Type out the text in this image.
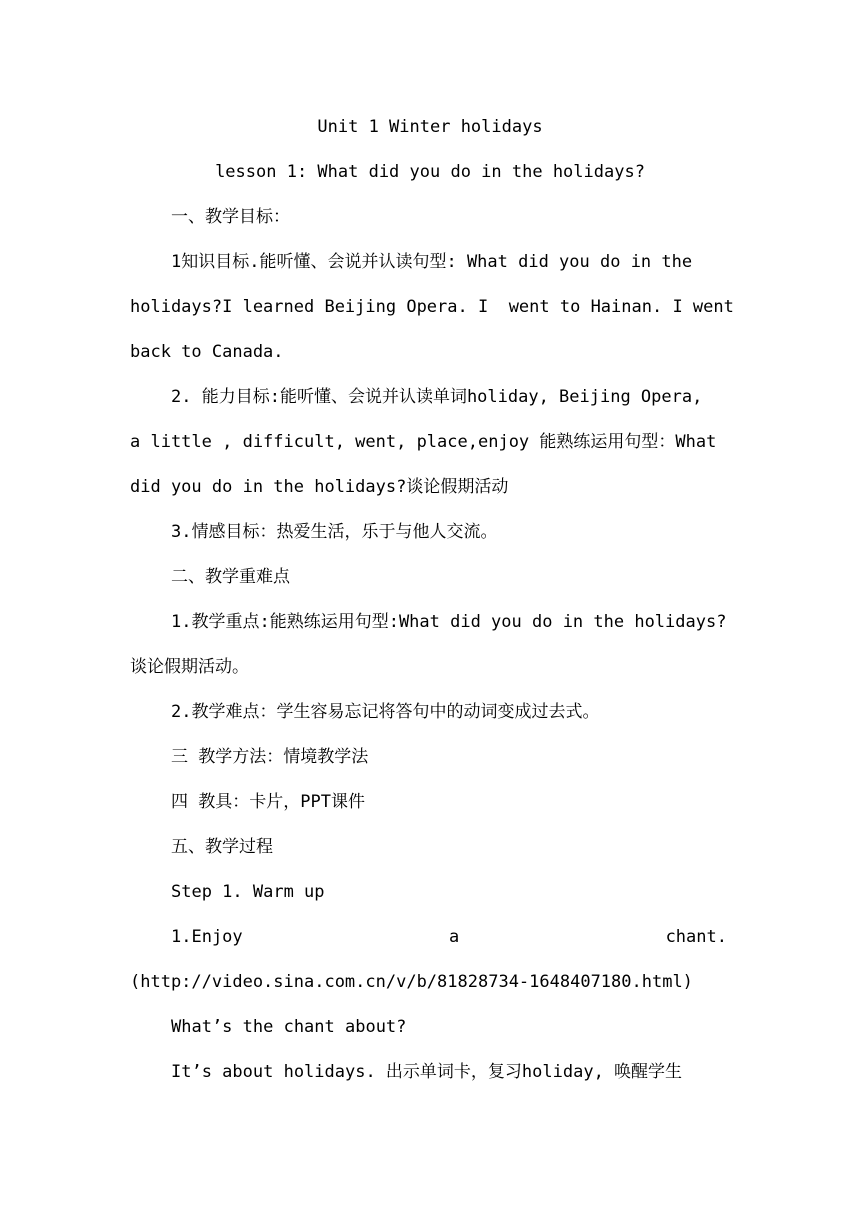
Unit 1 Winter holidays
lesson 1: What did you do in the holidays?
一、教学目标：
1知识目标.能听懂、会说并认读句型: What did you do in the
holidays?I learned Beijing Opera. I  went to Hainan. I went
back to Canada.
2. 能力目标:能听懂、会说并认读单词holiday, Beijing Opera,
a little , difficult, went, place,enjoy 能熟练运用句型：What
did you do in the holidays?谈论假期活动
3.情感目标：热爱生活，乐于与他人交流。
二、教学重难点
1.教学重点:能熟练运用句型:What did you do in the holidays?
谈论假期活动。
2.教学难点：学生容易忘记将答句中的动词变成过去式。
三 教学方法：情境教学法
四 教具：卡片，PPT课件
五、教学过程
Step 1. Warm up
1.Enjoy	a	chant.
(http://video.sina.com.cn/v/b/81828734-1648407180.html)
What’s the chant about?
It’s about holidays. 出示单词卡，复习holiday, 唤醒学生
